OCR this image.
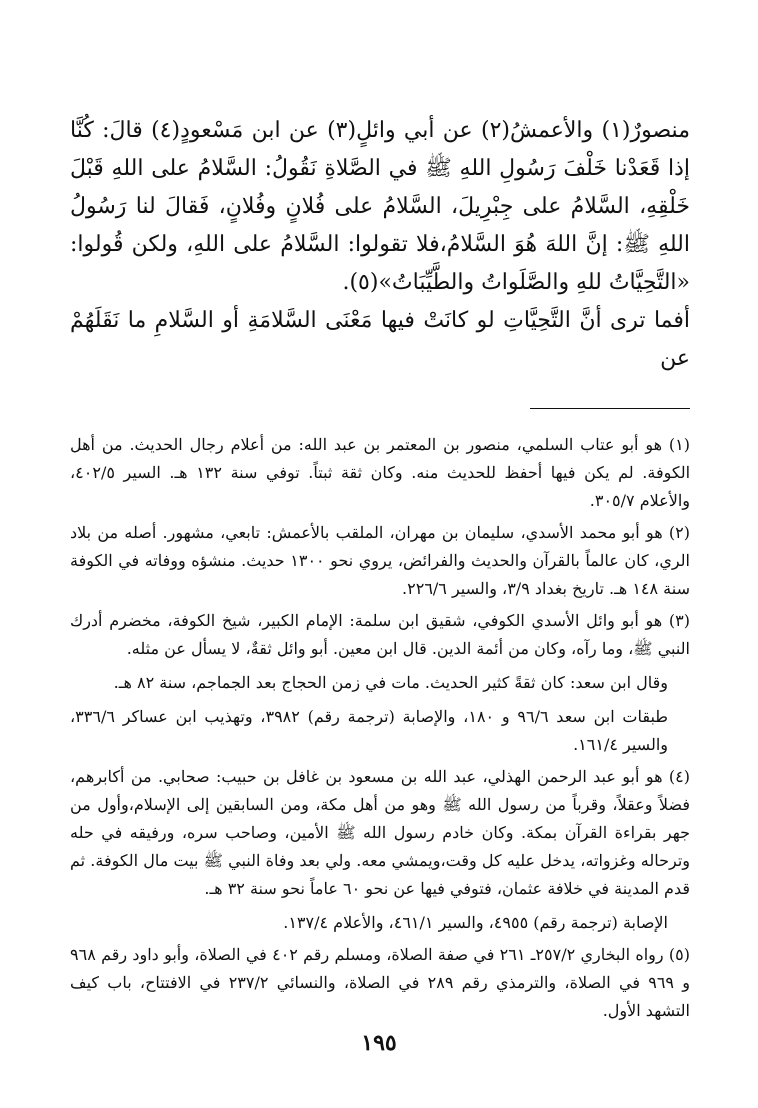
منصورٌ(١) والأعمشُ(٢) عن أبي وائلٍ(٣) عن ابن مَسْعودٍ(٤) قالَ: كُنَّا إذا قَعَدْنا خَلْفَ رَسُولِ اللهِ ﷺ في الصَّلاةِ نَقُولُ: السَّلامُ على اللهِ قَبْلَ خَلْقِهِ، السَّلامُ على جِبْرِيلَ، السَّلامُ على فُلانٍ وفُلانٍ، فَقالَ لنا رَسُولُ اللهِ ﷺ: إنَّ اللهَ هُوَ السَّلامُ،فلا تقولوا: السَّلامُ على اللهِ، ولكن قُولوا: «التَّحِيَّاتُ للهِ والصَّلَواتُ والطَّيِّبَاتُ»(٥).

أفما ترى أنَّ التَّحِيَّاتِ لو كانَتْ فيها مَعْنَى السَّلامَةِ أو السَّلامِ ما نَقَلَهُمْ عن

(١) هو أبو عتاب السلمي، منصور بن المعتمر بن عبد الله: من أعلام رجال الحديث. من أهل الكوفة. لم يكن فيها أحفظ للحديث منه. وكان ثقة ثبتاً. توفي سنة ١٣٢ هـ. السير ٤٠٢/٥، والأعلام ٣٠٥/٧.

(٢) هو أبو محمد الأسدي، سليمان بن مهران، الملقب بالأعمش: تابعي، مشهور. أصله من بلاد الري، كان عالماً بالقرآن والحديث والفرائض، يروي نحو ١٣٠٠ حديث. منشؤه ووفاته في الكوفة سنة ١٤٨ هـ. تاريخ بغداد ٣/٩، والسير ٢٢٦/٦.

(٣) هو أبو وائل الأسدي الكوفي، شقيق ابن سلمة: الإمام الكبير، شيخ الكوفة، مخضرم أدرك النبي ﷺ، وما رآه، وكان من أئمة الدين. قال ابن معين. أبو وائل ثقةٌ، لا يسأل عن مثله.

وقال ابن سعد: كان ثقةً كثير الحديث. مات في زمن الحجاج بعد الجماجم، سنة ٨٢ هـ.

طبقات ابن سعد ٩٦/٦ و ١٨٠، والإصابة (ترجمة رقم) ٣٩٨٢، وتهذيب ابن عساكر ٣٣٦/٦، والسير ١٦١/٤.

(٤) هو أبو عبد الرحمن الهذلي، عبد الله بن مسعود بن غافل بن حبيب: صحابي. من أكابرهم، فضلاً وعقلاً، وقرباً من رسول الله ﷺ وهو من أهل مكة، ومن السابقين إلى الإسلام،وأول من جهر بقراءة القرآن بمكة. وكان خادم رسول الله ﷺ الأمين، وصاحب سره، ورفيقه في حله وترحاله وغزواته، يدخل عليه كل وقت،ويمشي معه. ولي بعد وفاة النبي ﷺ بيت مال الكوفة. ثم قدم المدينة في خلافة عثمان، فتوفي فيها عن نحو ٦٠ عاماً نحو سنة ٣٢ هـ.

الإصابة (ترجمة رقم) ٤٩٥٥، والسير ٤٦١/١، والأعلام ١٣٧/٤.

(٥) رواه البخاري ٢٥٧/٢ـ ٢٦١ في صفة الصلاة، ومسلم رقم ٤٠٢ في الصلاة، وأبو داود رقم ٩٦٨ و ٩٦٩ في الصلاة، والترمذي رقم ٢٨٩ في الصلاة، والنسائي ٢٣٧/٢ في الافتتاح، باب كيف التشهد الأول.

١٩٥
